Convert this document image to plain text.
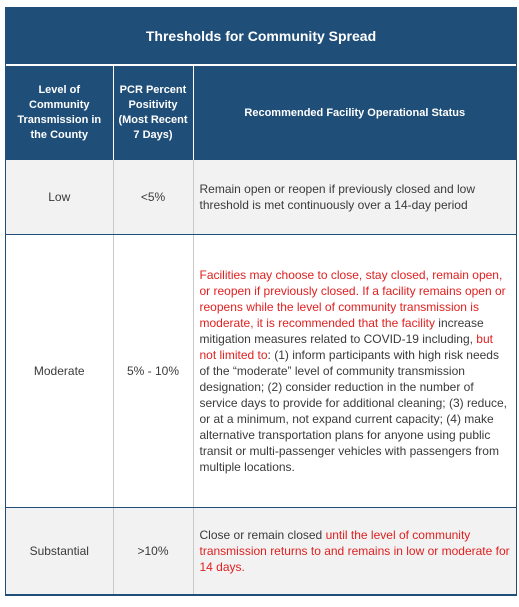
Thresholds for Community Spread
Level of Community Transmission in the County	PCR Percent Positivity (Most Recent 7 Days)	Recommended Facility Operational Status
Low	<5%	Remain open or reopen if previously closed and low threshold is met continuously over a 14-day period
Moderate	5% - 10%	Facilities may choose to close, stay closed, remain open, or reopen if previously closed. If a facility remains open or reopens while the level of community transmission is moderate, it is recommended that the facility increase mitigation measures related to COVID-19 including, but not limited to: (1) inform participants with high risk needs of the “moderate” level of community transmission designation; (2) consider reduction in the number of service days to provide for additional cleaning; (3) reduce, or at a minimum, not expand current capacity; (4) make alternative transportation plans for anyone using public transit or multi-passenger vehicles with passengers from multiple locations.
Substantial	>10%	Close or remain closed until the level of community transmission returns to and remains in low or moderate for 14 days.
